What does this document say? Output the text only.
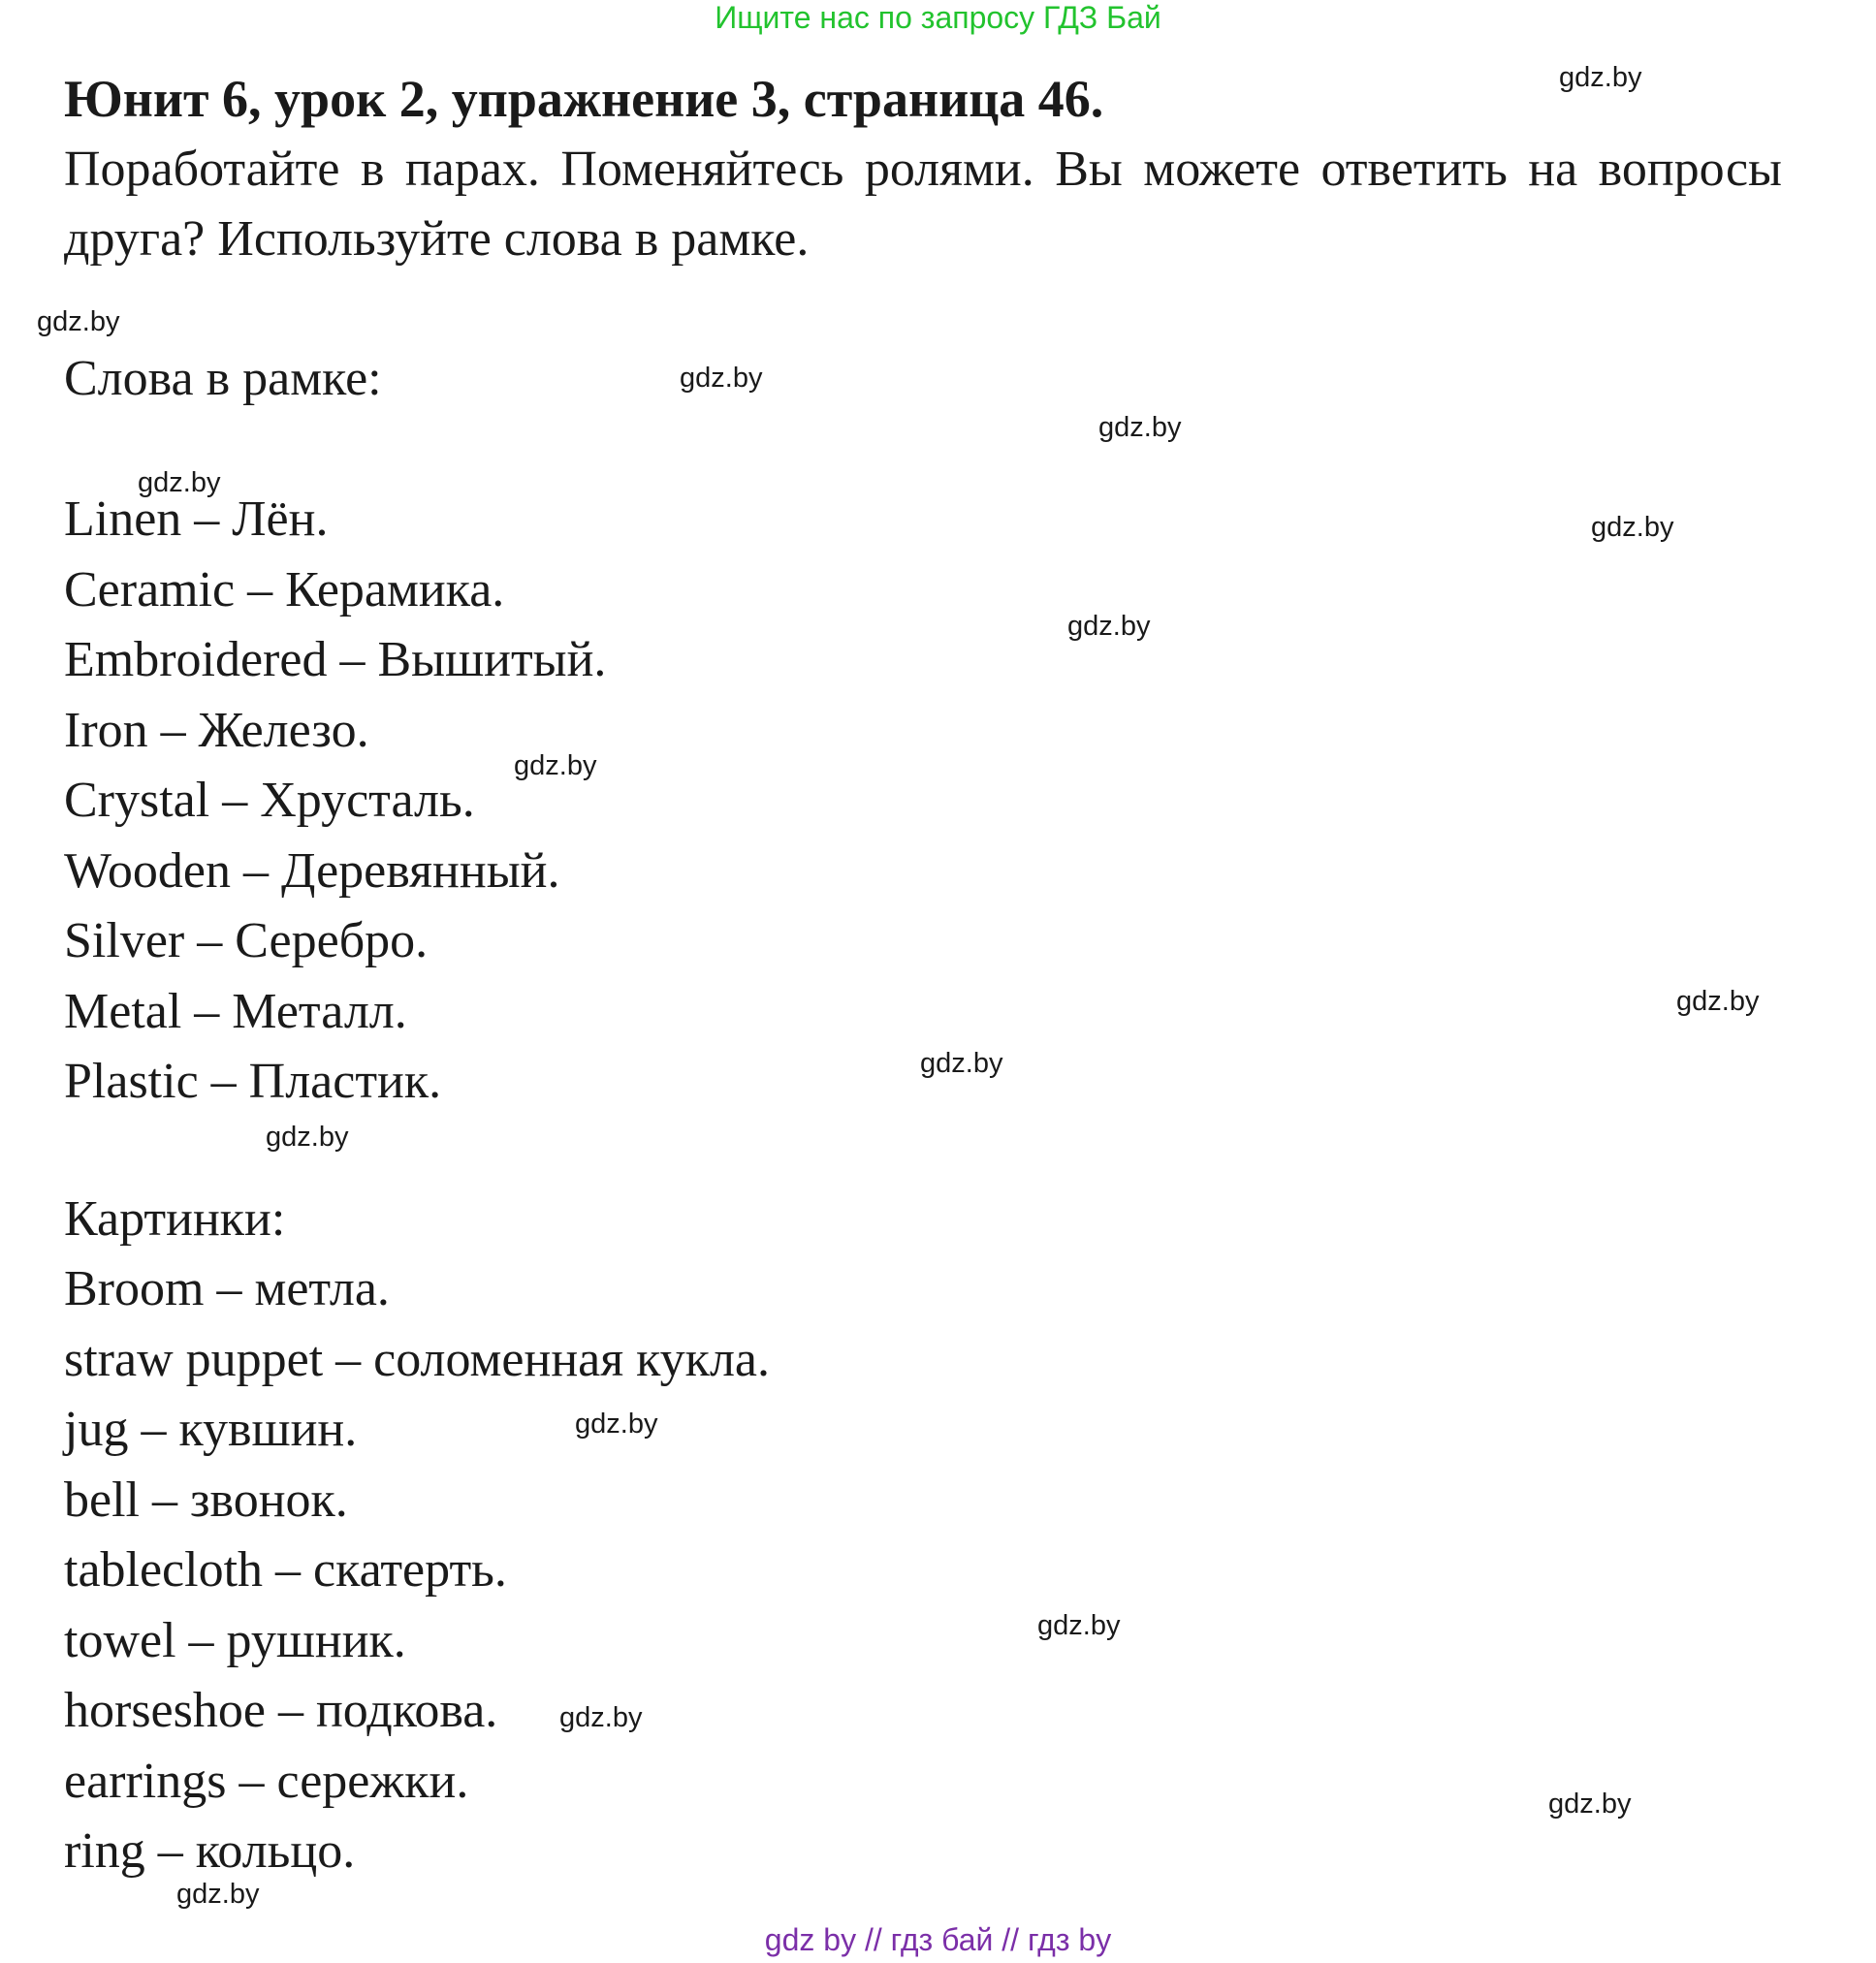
Ищите нас по запросу ГДЗ Бай
Юнит 6, урок 2, упражнение 3, страница 46.

Поработайте в парах. Поменяйтесь ролями. Вы можете ответить на вопросы друга? Используйте слова в рамке.

Слова в рамке:
Linen – Лён.
Ceramic – Керамика.
Embroidered – Вышитый.
Iron – Железо.
Crystal – Хрусталь.
Wooden – Деревянный.
Silver – Серебро.
Metal – Металл.
Plastic – Пластик.
Картинки:
Broom – метла.
straw puppet – соломенная кукла.
jug – кувшин.
bell – звонок.
tablecloth – скатерть.
towel – рушник.
horseshoe – подкова.
earrings – сережки.
ring – кольцо.
gdz.by
gdz.by
gdz.by
gdz.by
gdz.by
gdz.by
gdz.by
gdz.by
gdz.by
gdz.by
gdz.by
gdz.by
gdz.by
gdz.by
gdz.by
gdz.by
gdz by // гдз бай // гдз by
